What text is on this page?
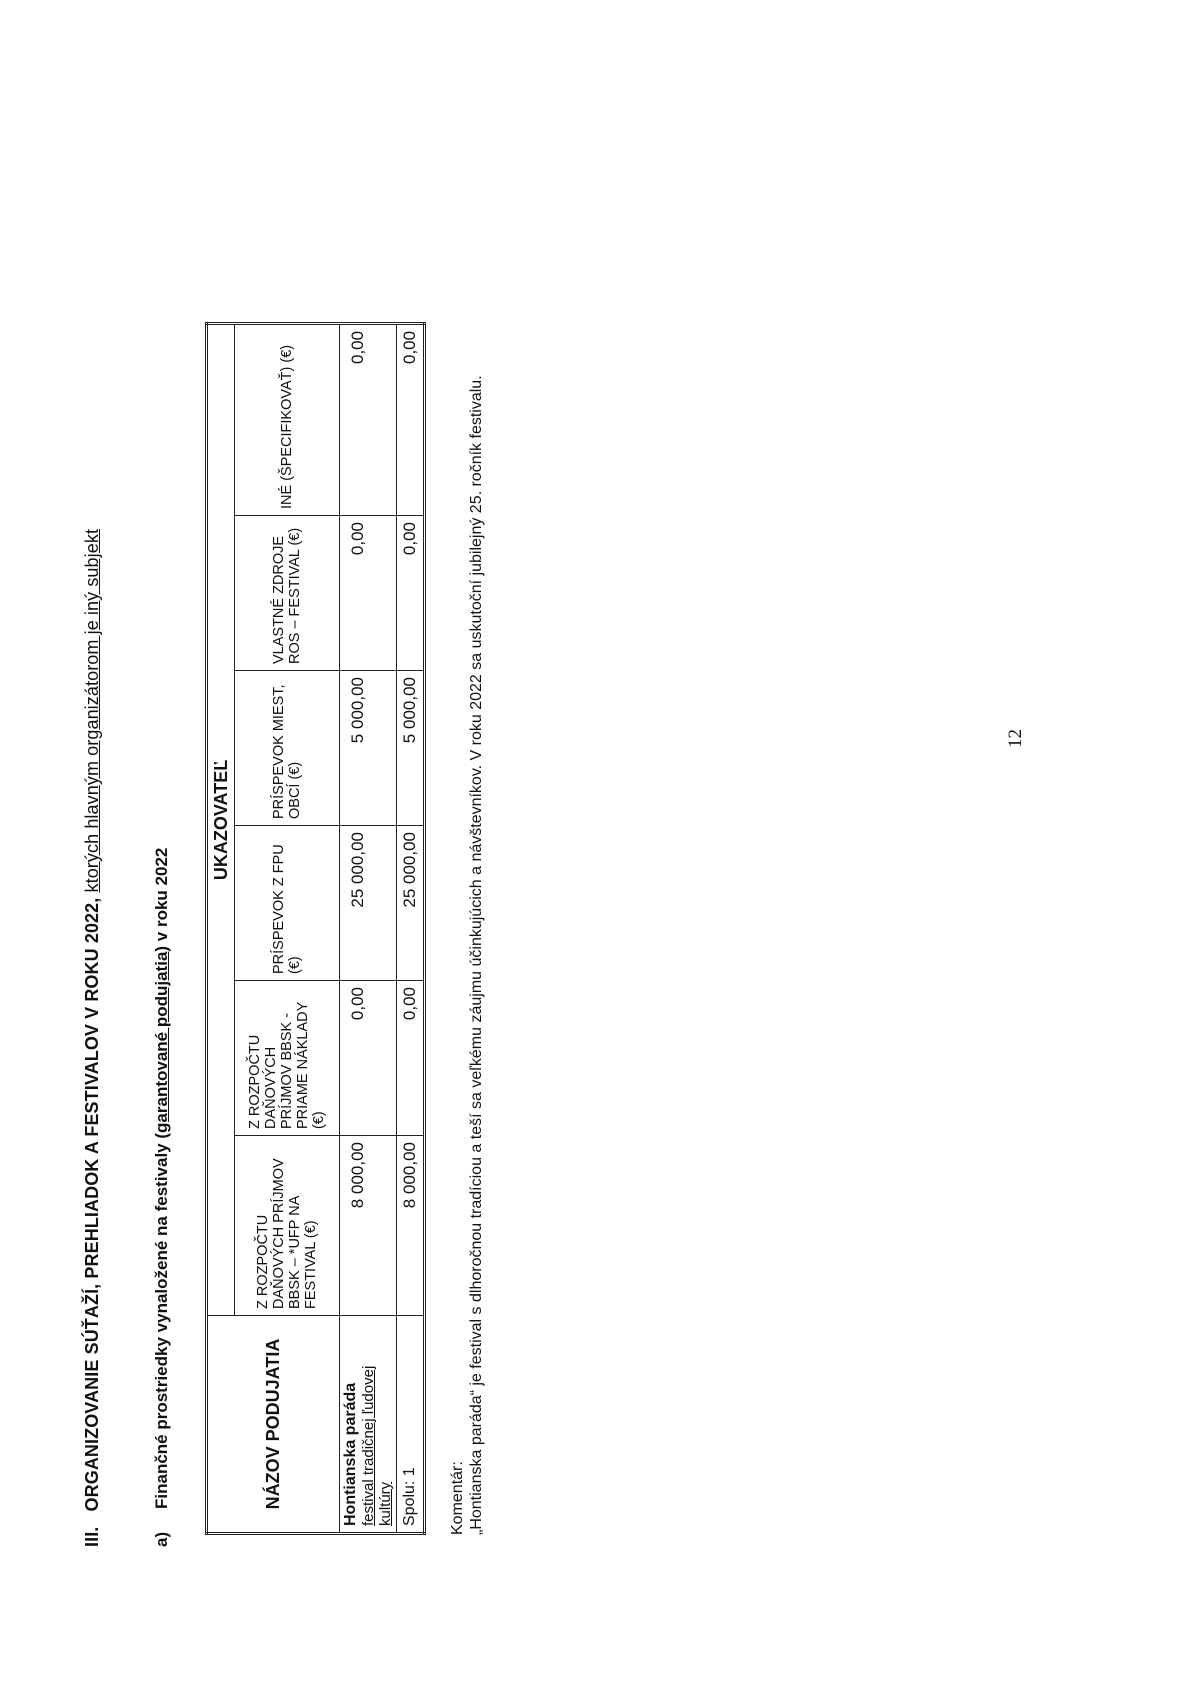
III. ORGANIZOVANIE SÚŤAŽÍ, PREHLIADOK A FESTIVALOV V ROKU 2022, ktorých hlavným organizátorom je iný subjekt
a)Finančné prostriedky vynaložené na festivaly (garantované podujatia) v roku 2022
NÁZOV PODUJATIA	UKAZOVATEĽ					
	Z ROZPOČTU DAŇOVÝCH PRÍJMOV BBSK – *UFP NA FESTIVAL (€)	Z ROZPOČTU DAŇOVÝCH PRÍJMOV BBSK - PRIAME NÁKLADY (€)	PRÍSPEVOK Z FPU (€)	PRÍSPEVOK MIEST, OBCÍ (€)	VLASTNÉ ZDROJE ROS – FESTIVAL (€)	INÉ (ŠPECIFIKOVAŤ) (€)

Hontianska paráda festival tradičnej ľudovej kultúry	8 000,00	0,00	25 000,00	5 000,00	0,00	0,00
Spolu: 1	8 000,00	0,00	25 000,00	5 000,00	0,00	0,00
Komentár: „Hontianska paráda“ je festival s dlhoročnou tradíciou a teší sa veľkému záujmu účinkujúcich a návštevníkov. V roku 2022 sa uskutoční jubilejný 25. ročník festivalu.	12
